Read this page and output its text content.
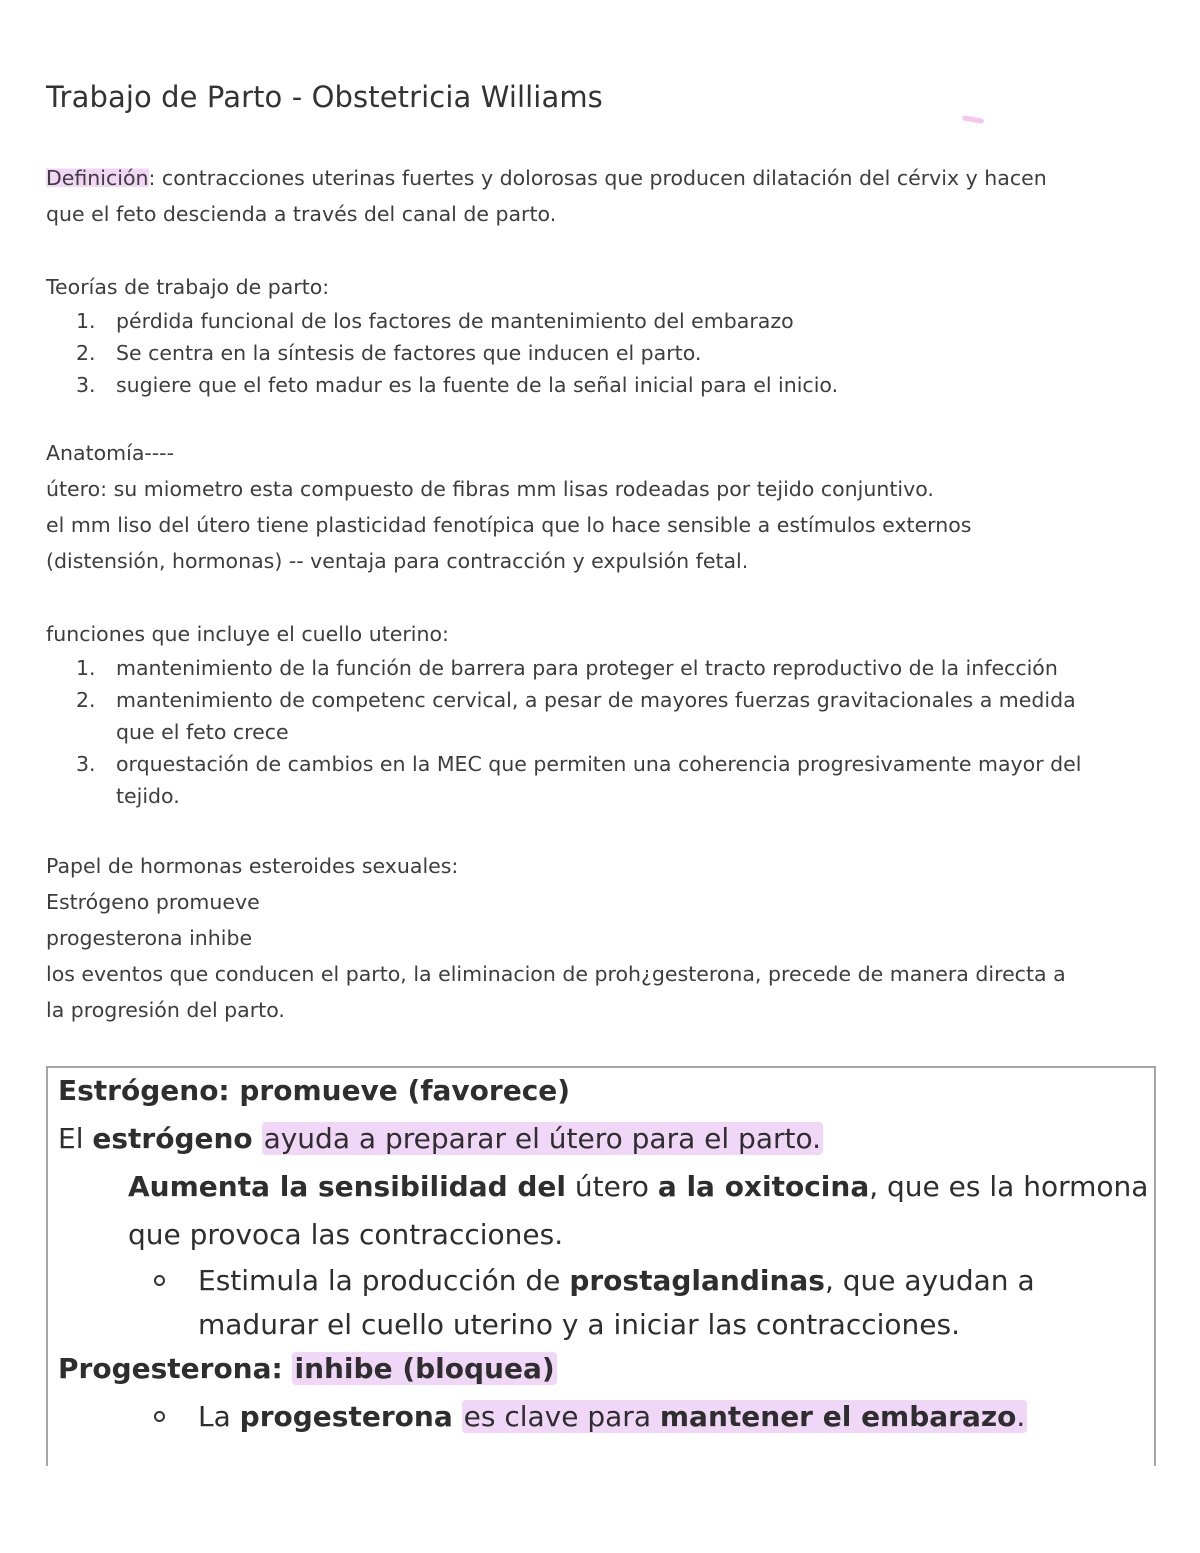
Trabajo de Parto - Obstetricia Williams

Definición: contracciones uterinas fuertes y dolorosas que producen dilatación del cérvix y hacen

que el feto descienda a través del canal de parto.

Teorías de trabajo de parto:

1. pérdida funcional de los factores de mantenimiento del embarazo
2. Se centra en la síntesis de factores que inducen el parto.
3. sugiere que el feto madur es la fuente de la señal inicial para el inicio.

Anatomía----

útero: su miometro esta compuesto de fibras mm lisas rodeadas por tejido conjuntivo.

el mm liso del útero tiene plasticidad fenotípica que lo hace sensible a estímulos externos

(distensión, hormonas) -- ventaja para contracción y expulsión fetal.

funciones que incluye el cuello uterino:

1. mantenimiento de la función de barrera para proteger el tracto reproductivo de la infección
2. mantenimiento de competenc cervical, a pesar de mayores fuerzas gravitacionales a medida
que el feto crece
3. orquestación de cambios en la MEC que permiten una coherencia progresivamente mayor del
tejido.

Papel de hormonas esteroides sexuales:

Estrógeno promueve

progesterona inhibe

los eventos que conducen el parto, la eliminacion de proh¿gesterona, precede de manera directa a

la progresión del parto.

Estrógeno: promueve (favorece)
El estrógeno ayuda a preparar el útero para el parto.
Aumenta la sensibilidad del útero a la oxitocina, que es la hormona
que provoca las contracciones.
Estimula la producción de prostaglandinas, que ayudan a
madurar el cuello uterino y a iniciar las contracciones.
Progesterona: inhibe (bloquea)
La progesterona es clave para mantener el embarazo.
